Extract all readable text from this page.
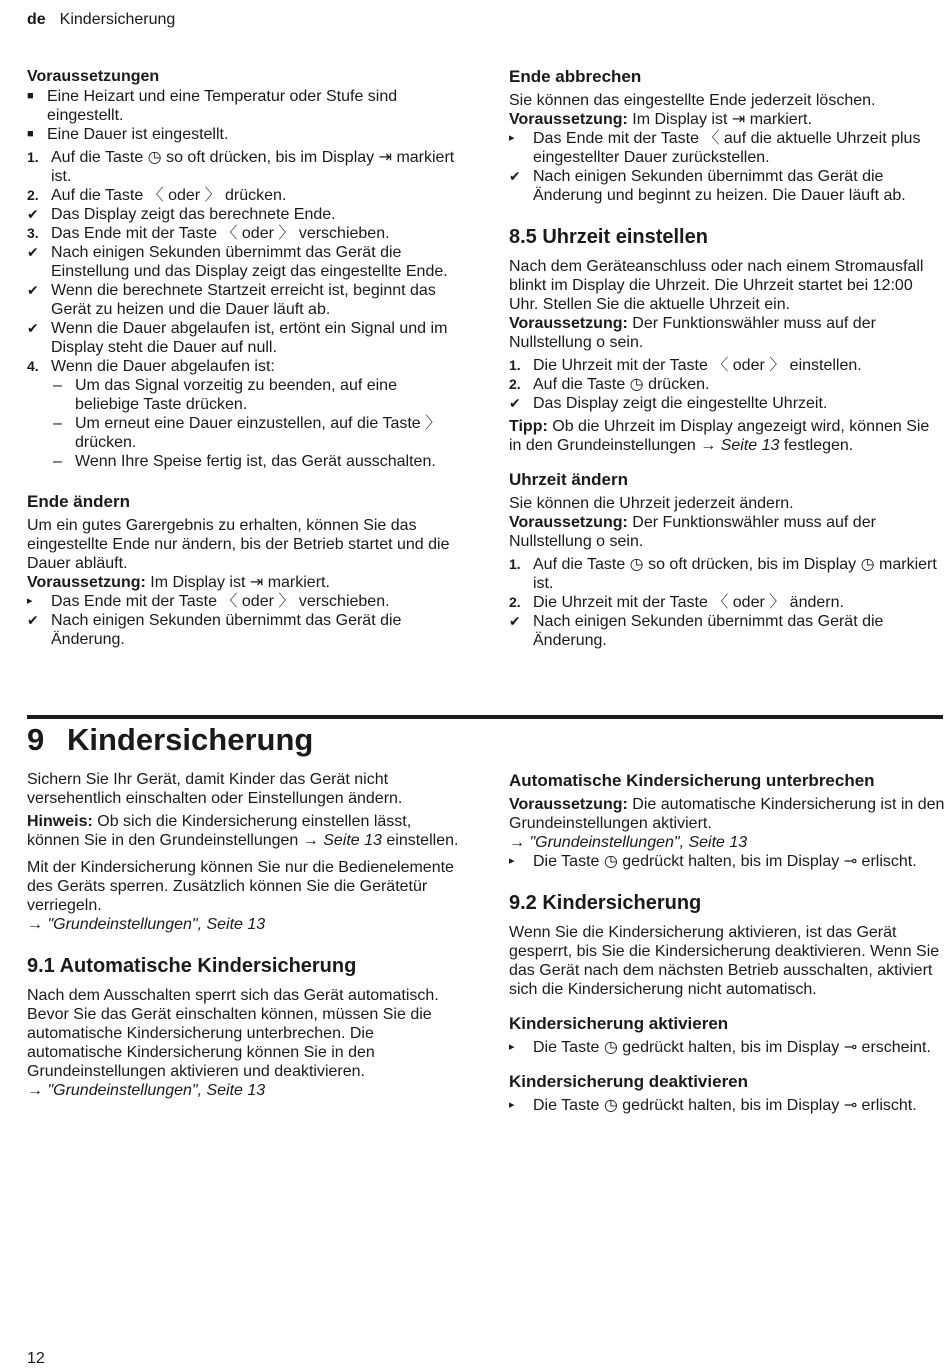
de Kindersicherung

Voraussetzungen

■ Eine Heizart und eine Temperatur oder Stufe sind eingestellt.
■ Eine Dauer ist eingestellt.
1. Auf die Taste ◷ so oft drücken, bis im Display ⇥ markiert ist.
2. Auf die Taste 〈 oder 〉 drücken.
✔ Das Display zeigt das berechnete Ende.
3. Das Ende mit der Taste 〈 oder 〉 verschieben.
✔ Nach einigen Sekunden übernimmt das Gerät die Einstellung und das Display zeigt das eingestellte Ende.
✔ Wenn die berechnete Startzeit erreicht ist, beginnt das Gerät zu heizen und die Dauer läuft ab.
✔ Wenn die Dauer abgelaufen ist, ertönt ein Signal und im Display steht die Dauer auf null.
4. Wenn die Dauer abgelaufen ist:
– Um das Signal vorzeitig zu beenden, auf eine beliebige Taste drücken.
– Um erneut eine Dauer einzustellen, auf die Taste 〉 drücken.
– Wenn Ihre Speise fertig ist, das Gerät ausschalten.

Ende ändern

Um ein gutes Garergebnis zu erhalten, können Sie das eingestellte Ende nur ändern, bis der Betrieb startet und die Dauer abläuft.

Voraussetzung: Im Display ist ⇥ markiert.

▸	Das Ende mit der Taste 〈 oder 〉 verschieben.
✔ Nach einigen Sekunden übernimmt das Gerät die Änderung.

Ende abbrechen

Sie können das eingestellte Ende jederzeit löschen.

Voraussetzung: Im Display ist ⇥ markiert.

▸	Das Ende mit der Taste 〈 auf die aktuelle Uhrzeit plus eingestellter Dauer zurückstellen.
✔ Nach einigen Sekunden übernimmt das Gerät die Änderung und beginnt zu heizen. Die Dauer läuft ab.

8.5 Uhrzeit einstellen

Nach dem Geräteanschluss oder nach einem Stromausfall blinkt im Display die Uhrzeit. Die Uhrzeit startet bei 12:00 Uhr. Stellen Sie die aktuelle Uhrzeit ein.

Voraussetzung: Der Funktionswähler muss auf der Nullstellung o sein.

1. Die Uhrzeit mit der Taste 〈 oder 〉 einstellen.
2. Auf die Taste ◷ drücken.
✔ Das Display zeigt die eingestellte Uhrzeit.

Tipp: Ob die Uhrzeit im Display angezeigt wird, können Sie in den Grundeinstellungen → Seite 13 festlegen.

Uhrzeit ändern

Sie können die Uhrzeit jederzeit ändern.

Voraussetzung: Der Funktionswähler muss auf der Nullstellung o sein.

1. Auf die Taste ◷ so oft drücken, bis im Display ◷ markiert ist.
2. Die Uhrzeit mit der Taste 〈 oder 〉 ändern.
✔ Nach einigen Sekunden übernimmt das Gerät die Änderung.
9 Kindersicherung

Sichern Sie Ihr Gerät, damit Kinder das Gerät nicht versehentlich einschalten oder Einstellungen ändern.

Hinweis: Ob sich die Kindersicherung einstellen lässt, können Sie in den Grundeinstellungen → Seite 13 einstellen.

Mit der Kindersicherung können Sie nur die Bedienelemente des Geräts sperren. Zusätzlich können Sie die Gerätetür verriegeln.

→ "Grundeinstellungen", Seite 13

9.1 Automatische Kindersicherung

Nach dem Ausschalten sperrt sich das Gerät automatisch. Bevor Sie das Gerät einschalten können, müssen Sie die automatische Kindersicherung unterbrechen. Die automatische Kindersicherung können Sie in den Grundeinstellungen aktivieren und deaktivieren.

→ "Grundeinstellungen", Seite 13

Automatische Kindersicherung unterbrechen

Voraussetzung: Die automatische Kindersicherung ist in den Grundeinstellungen aktiviert.

→ "Grundeinstellungen", Seite 13

▸	Die Taste ◷ gedrückt halten, bis im Display ⊸ erlischt.

9.2 Kindersicherung

Wenn Sie die Kindersicherung aktivieren, ist das Gerät gesperrt, bis Sie die Kindersicherung deaktivieren. Wenn Sie das Gerät nach dem nächsten Betrieb ausschalten, aktiviert sich die Kindersicherung nicht automatisch.

Kindersicherung aktivieren

▸	Die Taste ◷ gedrückt halten, bis im Display ⊸ erscheint.

Kindersicherung deaktivieren

▸	Die Taste ◷ gedrückt halten, bis im Display ⊸ erlischt.
12
